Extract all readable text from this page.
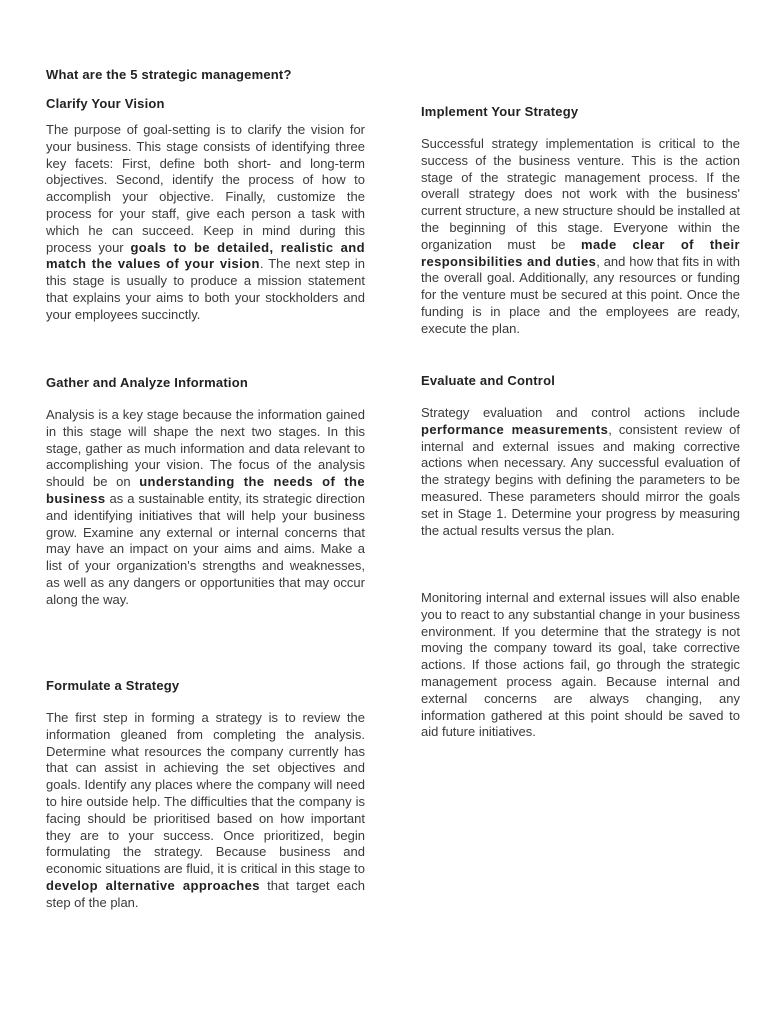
What are the 5 strategic management?
Clarify Your Vision

The purpose of goal-setting is to clarify the vision for your business. This stage consists of identifying three key facets: First, define both short- and long-term objectives. Second, identify the process of how to accomplish your objective. Finally, customize the process for your staff, give each person a task with which he can succeed. Keep in mind during this process your goals to be detailed, realistic and match the values of your vision. The next step in this stage is usually to produce a mission statement that explains your aims to both your stockholders and your employees succinctly.

Gather and Analyze Information

Analysis is a key stage because the information gained in this stage will shape the next two stages. In this stage, gather as much information and data relevant to accomplishing your vision. The focus of the analysis should be on understanding the needs of the business as a sustainable entity, its strategic direction and identifying initiatives that will help your business grow. Examine any external or internal concerns that may have an impact on your aims and aims. Make a list of your organization's strengths and weaknesses, as well as any dangers or opportunities that may occur along the way.

Formulate a Strategy

The first step in forming a strategy is to review the information gleaned from completing the analysis. Determine what resources the company currently has that can assist in achieving the set objectives and goals. Identify any places where the company will need to hire outside help. The difficulties that the company is facing should be prioritised based on how important they are to your success. Once prioritized, begin formulating the strategy. Because business and economic situations are fluid, it is critical in this stage to develop alternative approaches that target each step of the plan.

Implement Your Strategy

Successful strategy implementation is critical to the success of the business venture. This is the action stage of the strategic management process. If the overall strategy does not work with the business' current structure, a new structure should be installed at the beginning of this stage. Everyone within the organization must be made clear of their responsibilities and duties, and how that fits in with the overall goal. Additionally, any resources or funding for the venture must be secured at this point. Once the funding is in place and the employees are ready, execute the plan.

Evaluate and Control

Strategy evaluation and control actions include performance measurements, consistent review of internal and external issues and making corrective actions when necessary. Any successful evaluation of the strategy begins with defining the parameters to be measured. These parameters should mirror the goals set in Stage 1. Determine your progress by measuring the actual results versus the plan.

Monitoring internal and external issues will also enable you to react to any substantial change in your business environment. If you determine that the strategy is not moving the company toward its goal, take corrective actions. If those actions fail, go through the strategic management process again. Because internal and external concerns are always changing, any information gathered at this point should be saved to aid future initiatives.
